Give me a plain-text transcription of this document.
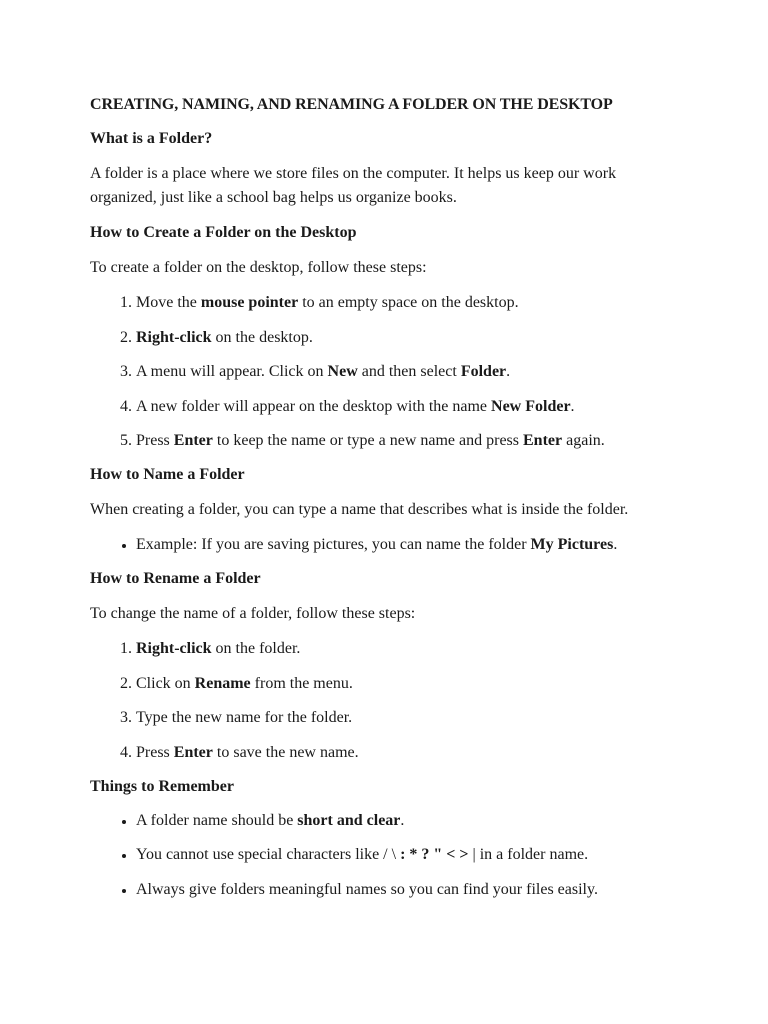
CREATING, NAMING, AND RENAMING A FOLDER ON THE DESKTOP
What is a Folder?

A folder is a place where we store files on the computer. It helps us keep our work organized, just like a school bag helps us organize books.

How to Create a Folder on the Desktop

To create a folder on the desktop, follow these steps:

1. Move the mouse pointer to an empty space on the desktop.
2. Right-click on the desktop.
3. A menu will appear. Click on New and then select Folder.
4. A new folder will appear on the desktop with the name New Folder.
5. Press Enter to keep the name or type a new name and press Enter again.
How to Name a Folder

When creating a folder, you can type a name that describes what is inside the folder.

• Example: If you are saving pictures, you can name the folder My Pictures.
How to Rename a Folder

To change the name of a folder, follow these steps:

1. Right-click on the folder.
2. Click on Rename from the menu.
3. Type the new name for the folder.
4. Press Enter to save the new name.
Things to Remember
• A folder name should be short and clear.
• You cannot use special characters like / \ : * ? " < > | in a folder name.
• Always give folders meaningful names so you can find your files easily.
